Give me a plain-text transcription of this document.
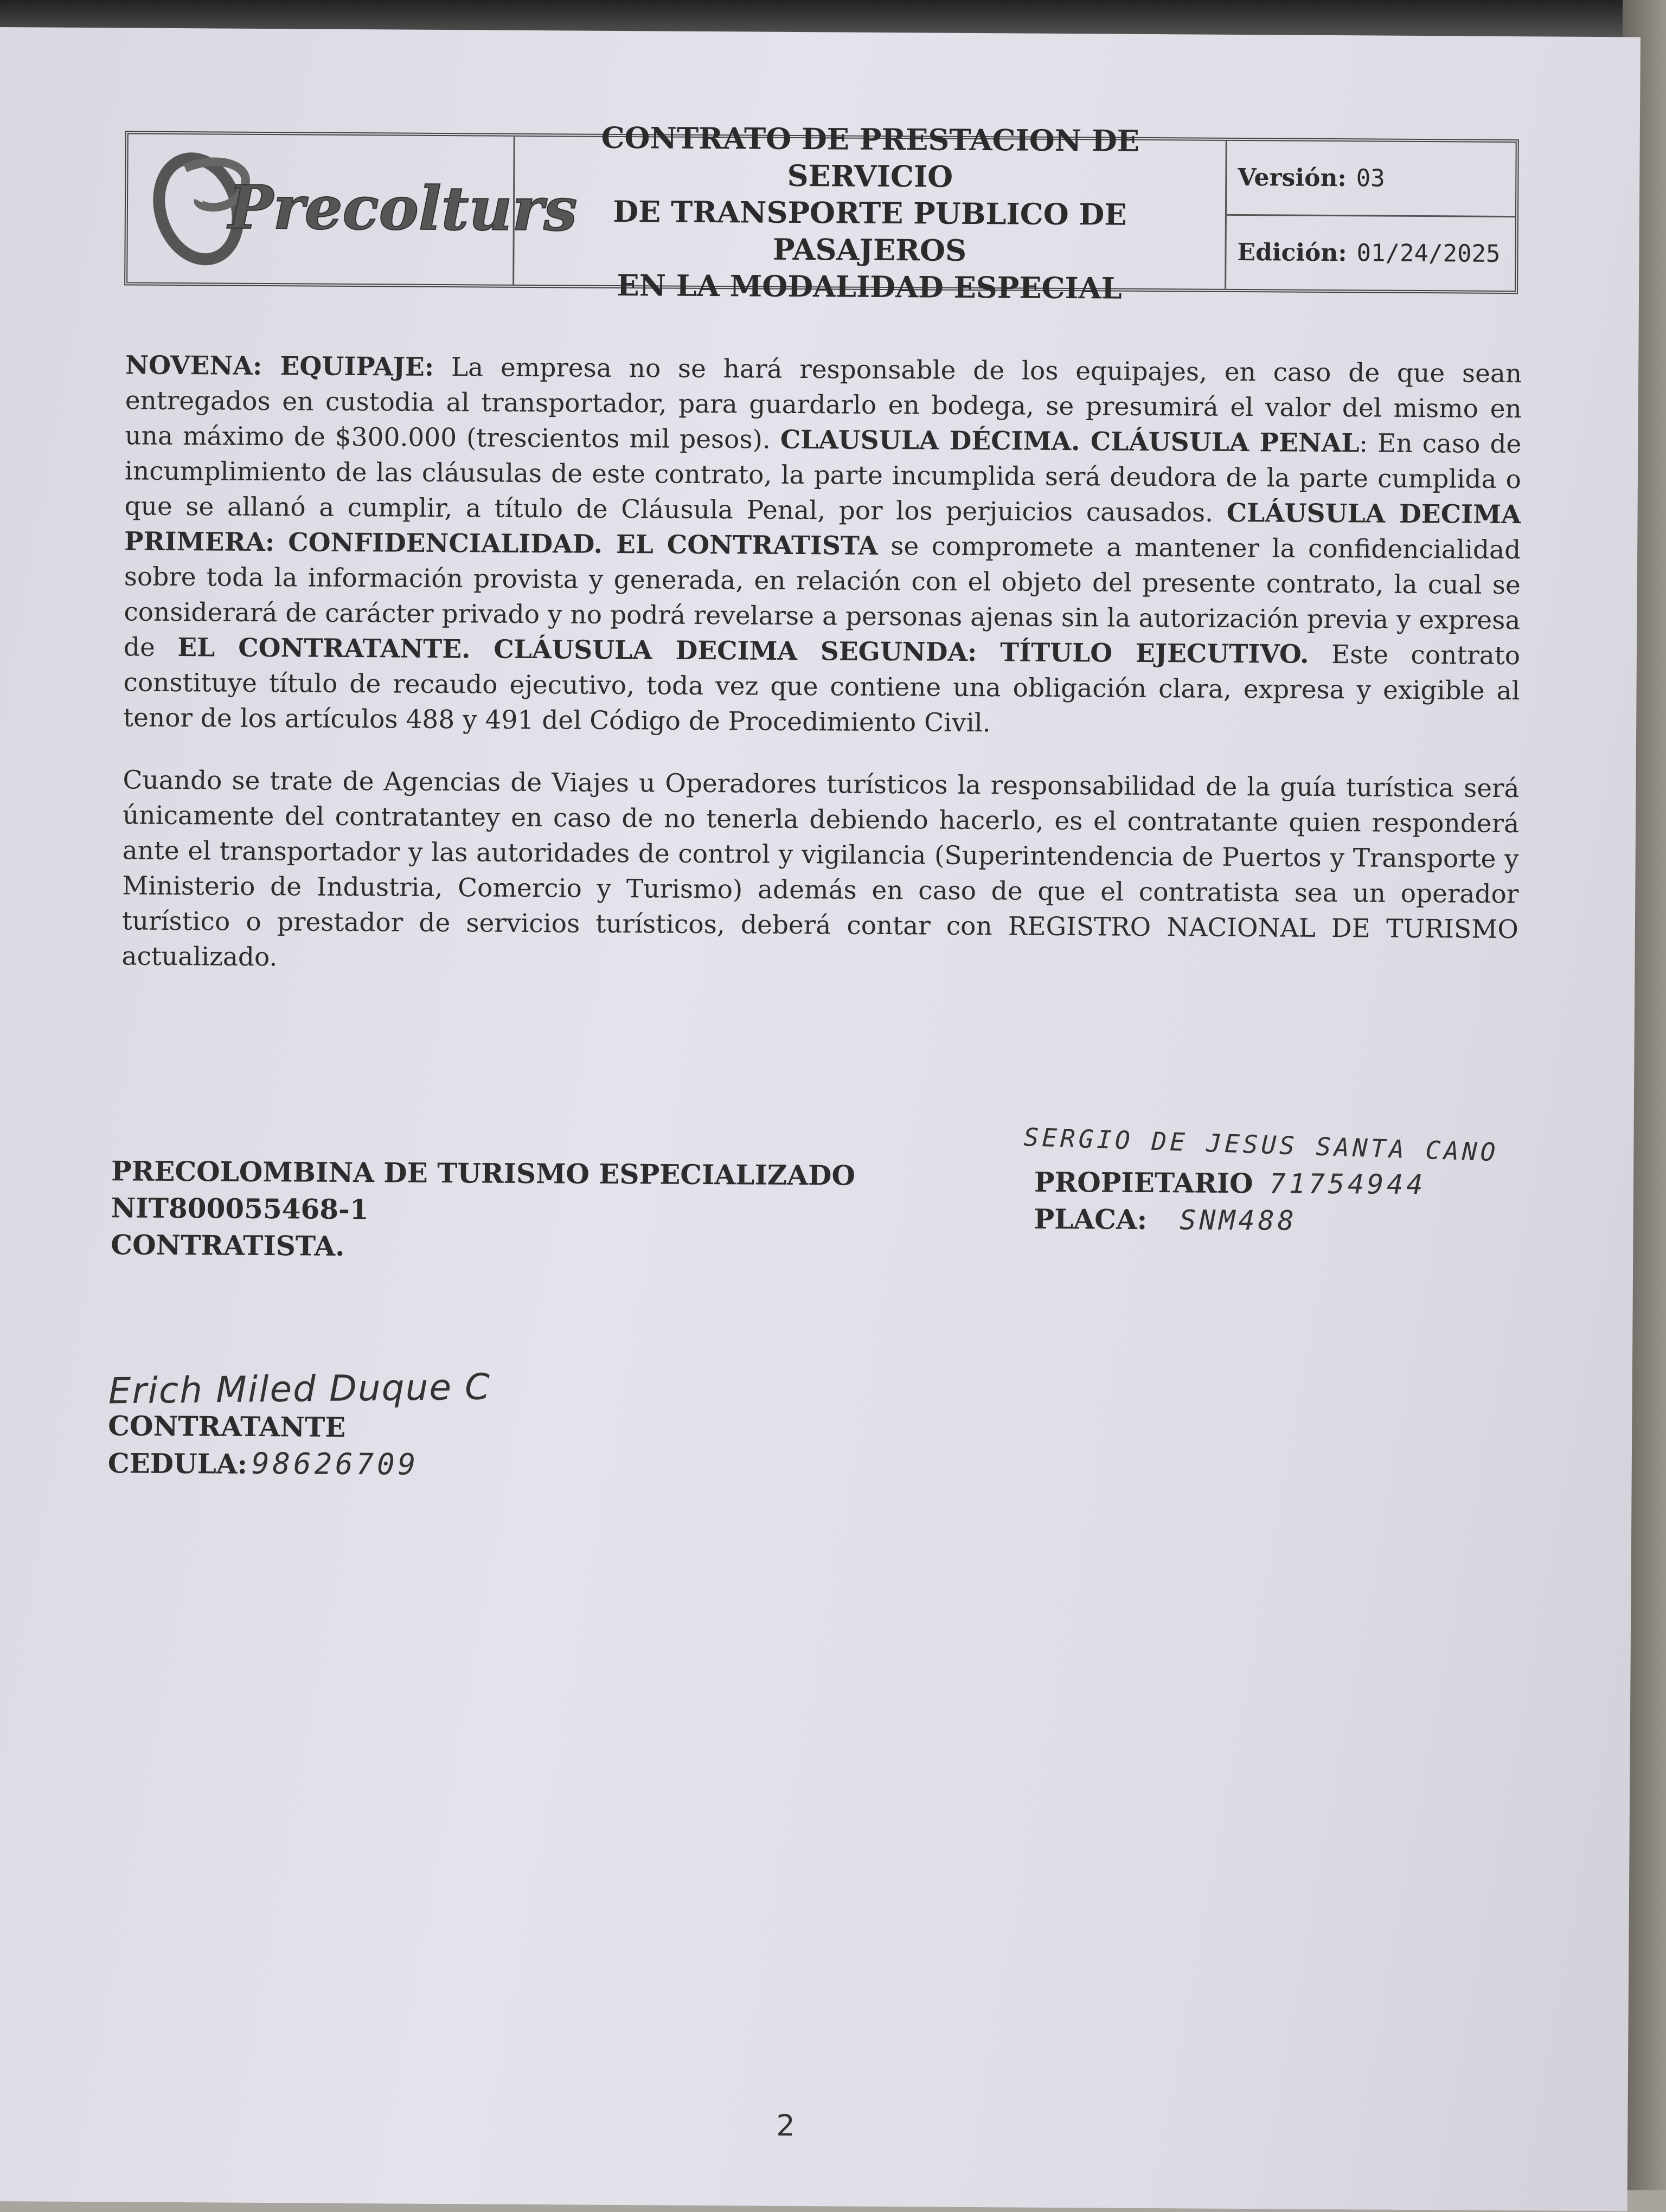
Precolturs
CONTRATO DE PRESTACION DE SERVICIO
DE TRANSPORTE PUBLICO DE PASAJEROS
EN LA MODALIDAD ESPECIAL
Versión: 03
Edición: 01/24/2025
NOVENA: EQUIPAJE: La empresa no se hará responsable de los equipajes, en caso de que sean entregados en custodia al transportador, para guardarlo en bodega, se presumirá el valor del mismo en una máximo de $300.000 (trescientos mil pesos). CLAUSULA DÉCIMA. CLÁUSULA PENAL: En caso de incumplimiento de las cláusulas de este contrato, la parte incumplida será deudora de la parte cumplida o que se allanó a cumplir, a título de Cláusula Penal, por los perjuicios causados. CLÁUSULA DECIMA PRIMERA: CONFIDENCIALIDAD. EL CONTRATISTA se compromete a mantener la confidencialidad sobre toda la información provista y generada, en relación con el objeto del presente contrato, la cual se considerará de carácter privado y no podrá revelarse a personas ajenas sin la autorización previa y expresa de EL CONTRATANTE. CLÁUSULA DECIMA SEGUNDA: TÍTULO EJECUTIVO. Este contrato constituye título de recaudo ejecutivo, toda vez que contiene una obligación clara, expresa y exigible al tenor de los artículos 488 y 491 del Código de Procedimiento Civil.
Cuando se trate de Agencias de Viajes u Operadores turísticos la responsabilidad de la guía turística será únicamente del contratantey en caso de no tenerla debiendo hacerlo, es el contratante quien responderá ante el transportador y las autoridades de control y vigilancia (Superintendencia de Puertos y Transporte y Ministerio de Industria, Comercio y Turismo) además en caso de que el contratista sea un operador turístico o prestador de servicios turísticos, deberá contar con REGISTRO NACIONAL DE TURISMO actualizado.
SERGIO DE JESUS SANTA CANO
PRECOLOMBINA DE TURISMO ESPECIALIZADO
NIT800055468-1
CONTRATISTA.
PROPIETARIO 71754944
PLACA: SNM488
Erich Miled Duque C
CONTRATANTE
CEDULA: 98626709
2
